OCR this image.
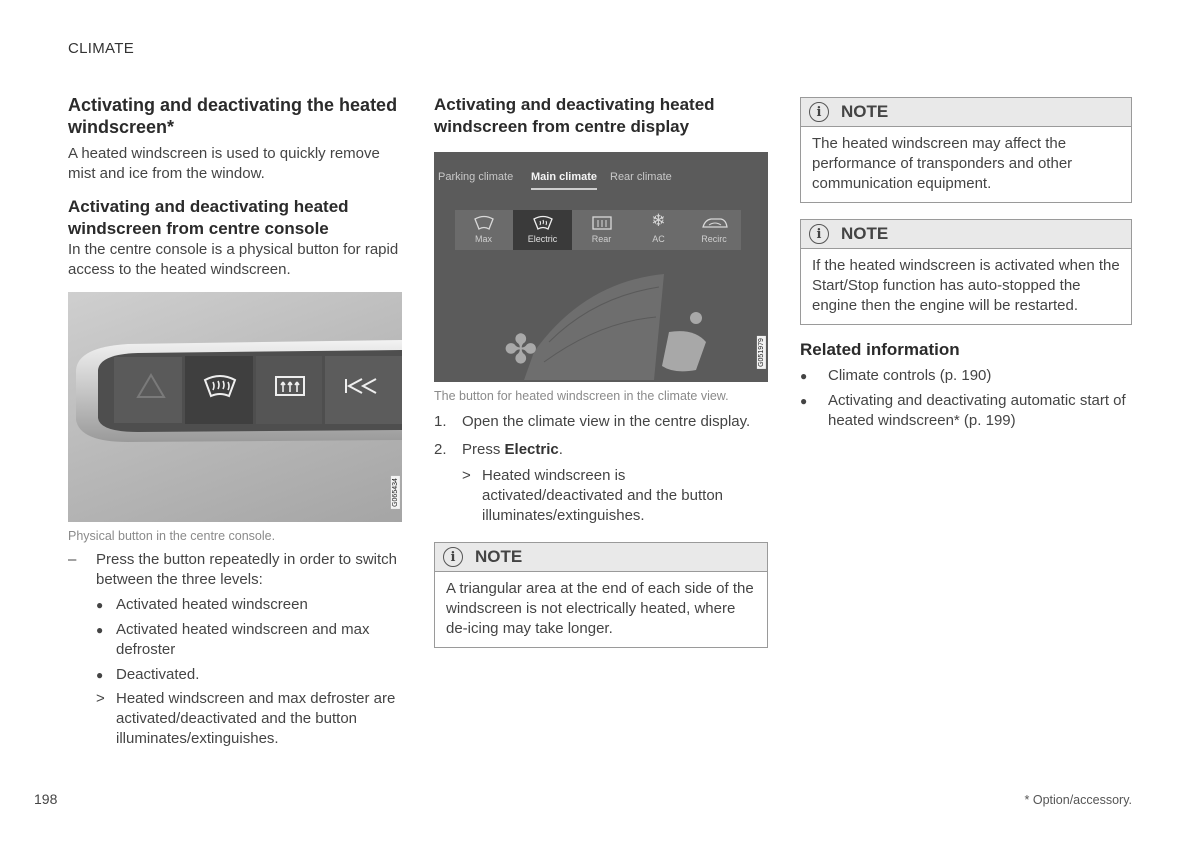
CLIMATE
Activating and deactivating the heated windscreen*

A heated windscreen is used to quickly remove mist and ice from the window.

Activating and deactivating heated windscreen from centre console

In the centre console is a physical button for rapid access to the heated windscreen.

G065434
Physical button in the centre console.
–	Press the button repeatedly in order to switch between the three levels:
● Activated heated windscreen
● Activated heated windscreen and max defroster
● Deactivated.
> Heated windscreen and max defroster are activated/deactivated and the button illuminates/extinguishes.
Activating and deactivating heated windscreen from centre display
Parking climate Main climate Rear climate
Max	Electric	Rear
❄
AC	Recirc
✤	G051979
The button for heated windscreen in the climate view.
1.	Open the climate view in the centre display.
2.	Press Electric.
> Heated windscreen is activated/deactivated and the button illuminates/extinguishes.
i	NOTE
A triangular area at the end of each side of the windscreen is not electrically heated, where de-icing may take longer.
i	NOTE
The heated windscreen may affect the performance of transponders and other communication equipment.
i	NOTE
If the heated windscreen is activated when the Start/Stop function has auto-stopped the engine then the engine will be restarted.
Related information
●	Climate controls (p. 190)
●	Activating and deactivating automatic start of heated windscreen* (p. 199)
198	* Option/accessory.
